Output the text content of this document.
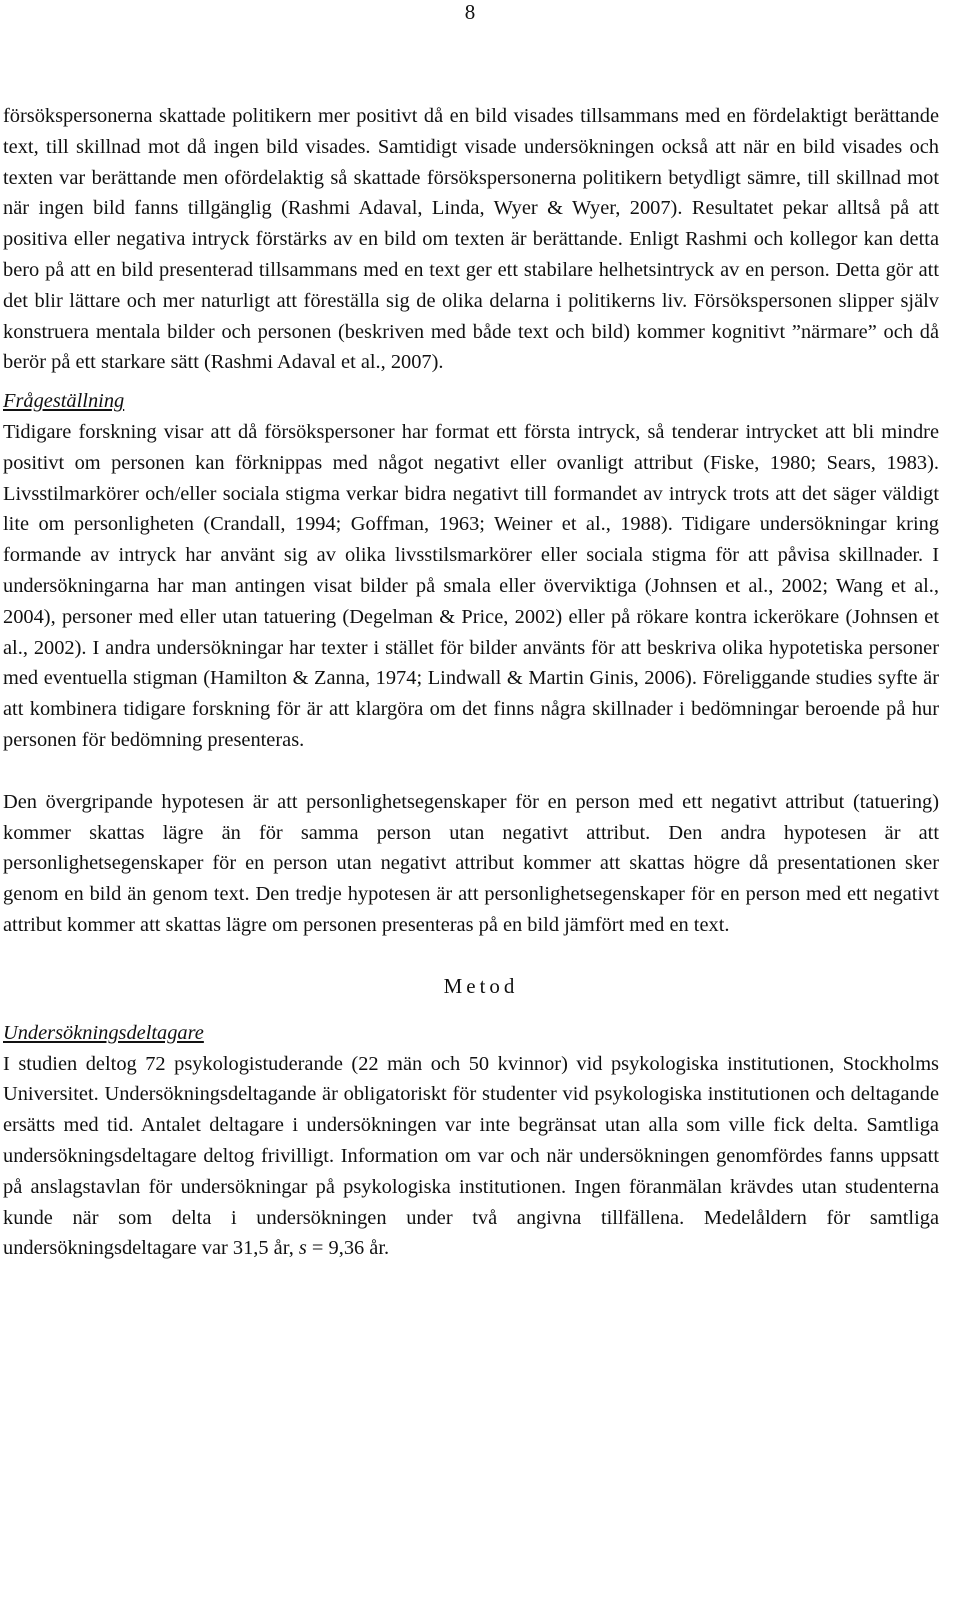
8

försökspersonerna skattade politikern mer positivt då en bild visades tillsammans med en fördelaktigt berättande text, till skillnad mot då ingen bild visades. Samtidigt visade undersökningen också att när en bild visades och texten var berättande men ofördelaktig så skattade försökspersonerna politikern betydligt sämre, till skillnad mot när ingen bild fanns tillgänglig (Rashmi Adaval, Linda, Wyer & Wyer, 2007). Resultatet pekar alltså på att positiva eller negativa intryck förstärks av en bild om texten är berättande. Enligt Rashmi och kollegor kan detta bero på att en bild presenterad tillsammans med en text ger ett stabilare helhetsintryck av en person. Detta gör att det blir lättare och mer naturligt att föreställa sig de olika delarna i politikerns liv. Försökspersonen slipper själv konstruera mentala bilder och personen (beskriven med både text och bild) kommer kognitivt ”närmare” och då berör på ett starkare sätt (Rashmi Adaval et al., 2007).

Frågeställning

Tidigare forskning visar att då försökspersoner har format ett första intryck, så tenderar intrycket att bli mindre positivt om personen kan förknippas med något negativt eller ovanligt attribut (Fiske, 1980; Sears, 1983). Livsstilmarkörer och/eller sociala stigma verkar bidra negativt till formandet av intryck trots att det säger väldigt lite om personligheten (Crandall, 1994; Goffman, 1963; Weiner et al., 1988). Tidigare undersökningar kring formande av intryck har använt sig av olika livsstilsmarkörer eller sociala stigma för att påvisa skillnader. I undersökningarna har man antingen visat bilder på smala eller överviktiga (Johnsen et al., 2002; Wang et al., 2004), personer med eller utan tatuering (Degelman & Price, 2002) eller på rökare kontra ickerökare (Johnsen et al., 2002). I andra undersökningar har texter i stället för bilder använts för att beskriva olika hypotetiska personer med eventuella stigman (Hamilton & Zanna, 1974; Lindwall & Martin Ginis, 2006). Föreliggande studies syfte är att kombinera tidigare forskning för är att klargöra om det finns några skillnader i bedömningar beroende på hur personen för bedömning presenteras.

Den övergripande hypotesen är att personlighetsegenskaper för en person med ett negativt attribut (tatuering) kommer skattas lägre än för samma person utan negativt attribut. Den andra hypotesen är att personlighetsegenskaper för en person utan negativt attribut kommer att skattas högre då presentationen sker genom en bild än genom text. Den tredje hypotesen är att personlighetsegenskaper för en person med ett negativt attribut kommer att skattas lägre om personen presenteras på en bild jämfört med en text.

Metod

Undersökningsdeltagare

I studien deltog 72 psykologistuderande (22 män och 50 kvinnor) vid psykologiska institutionen, Stockholms Universitet. Undersökningsdeltagande är obligatoriskt för studenter vid psykologiska institutionen och deltagande ersätts med tid. Antalet deltagare i undersökningen var inte begränsat utan alla som ville fick delta. Samtliga undersökningsdeltagare deltog frivilligt. Information om var och när undersökningen genomfördes fanns uppsatt på anslagstavlan för undersökningar på psykologiska institutionen. Ingen föranmälan krävdes utan studenterna kunde när som delta i undersökningen under två angivna tillfällena. Medelåldern för samtliga undersökningsdeltagare var 31,5 år, s = 9,36 år.
